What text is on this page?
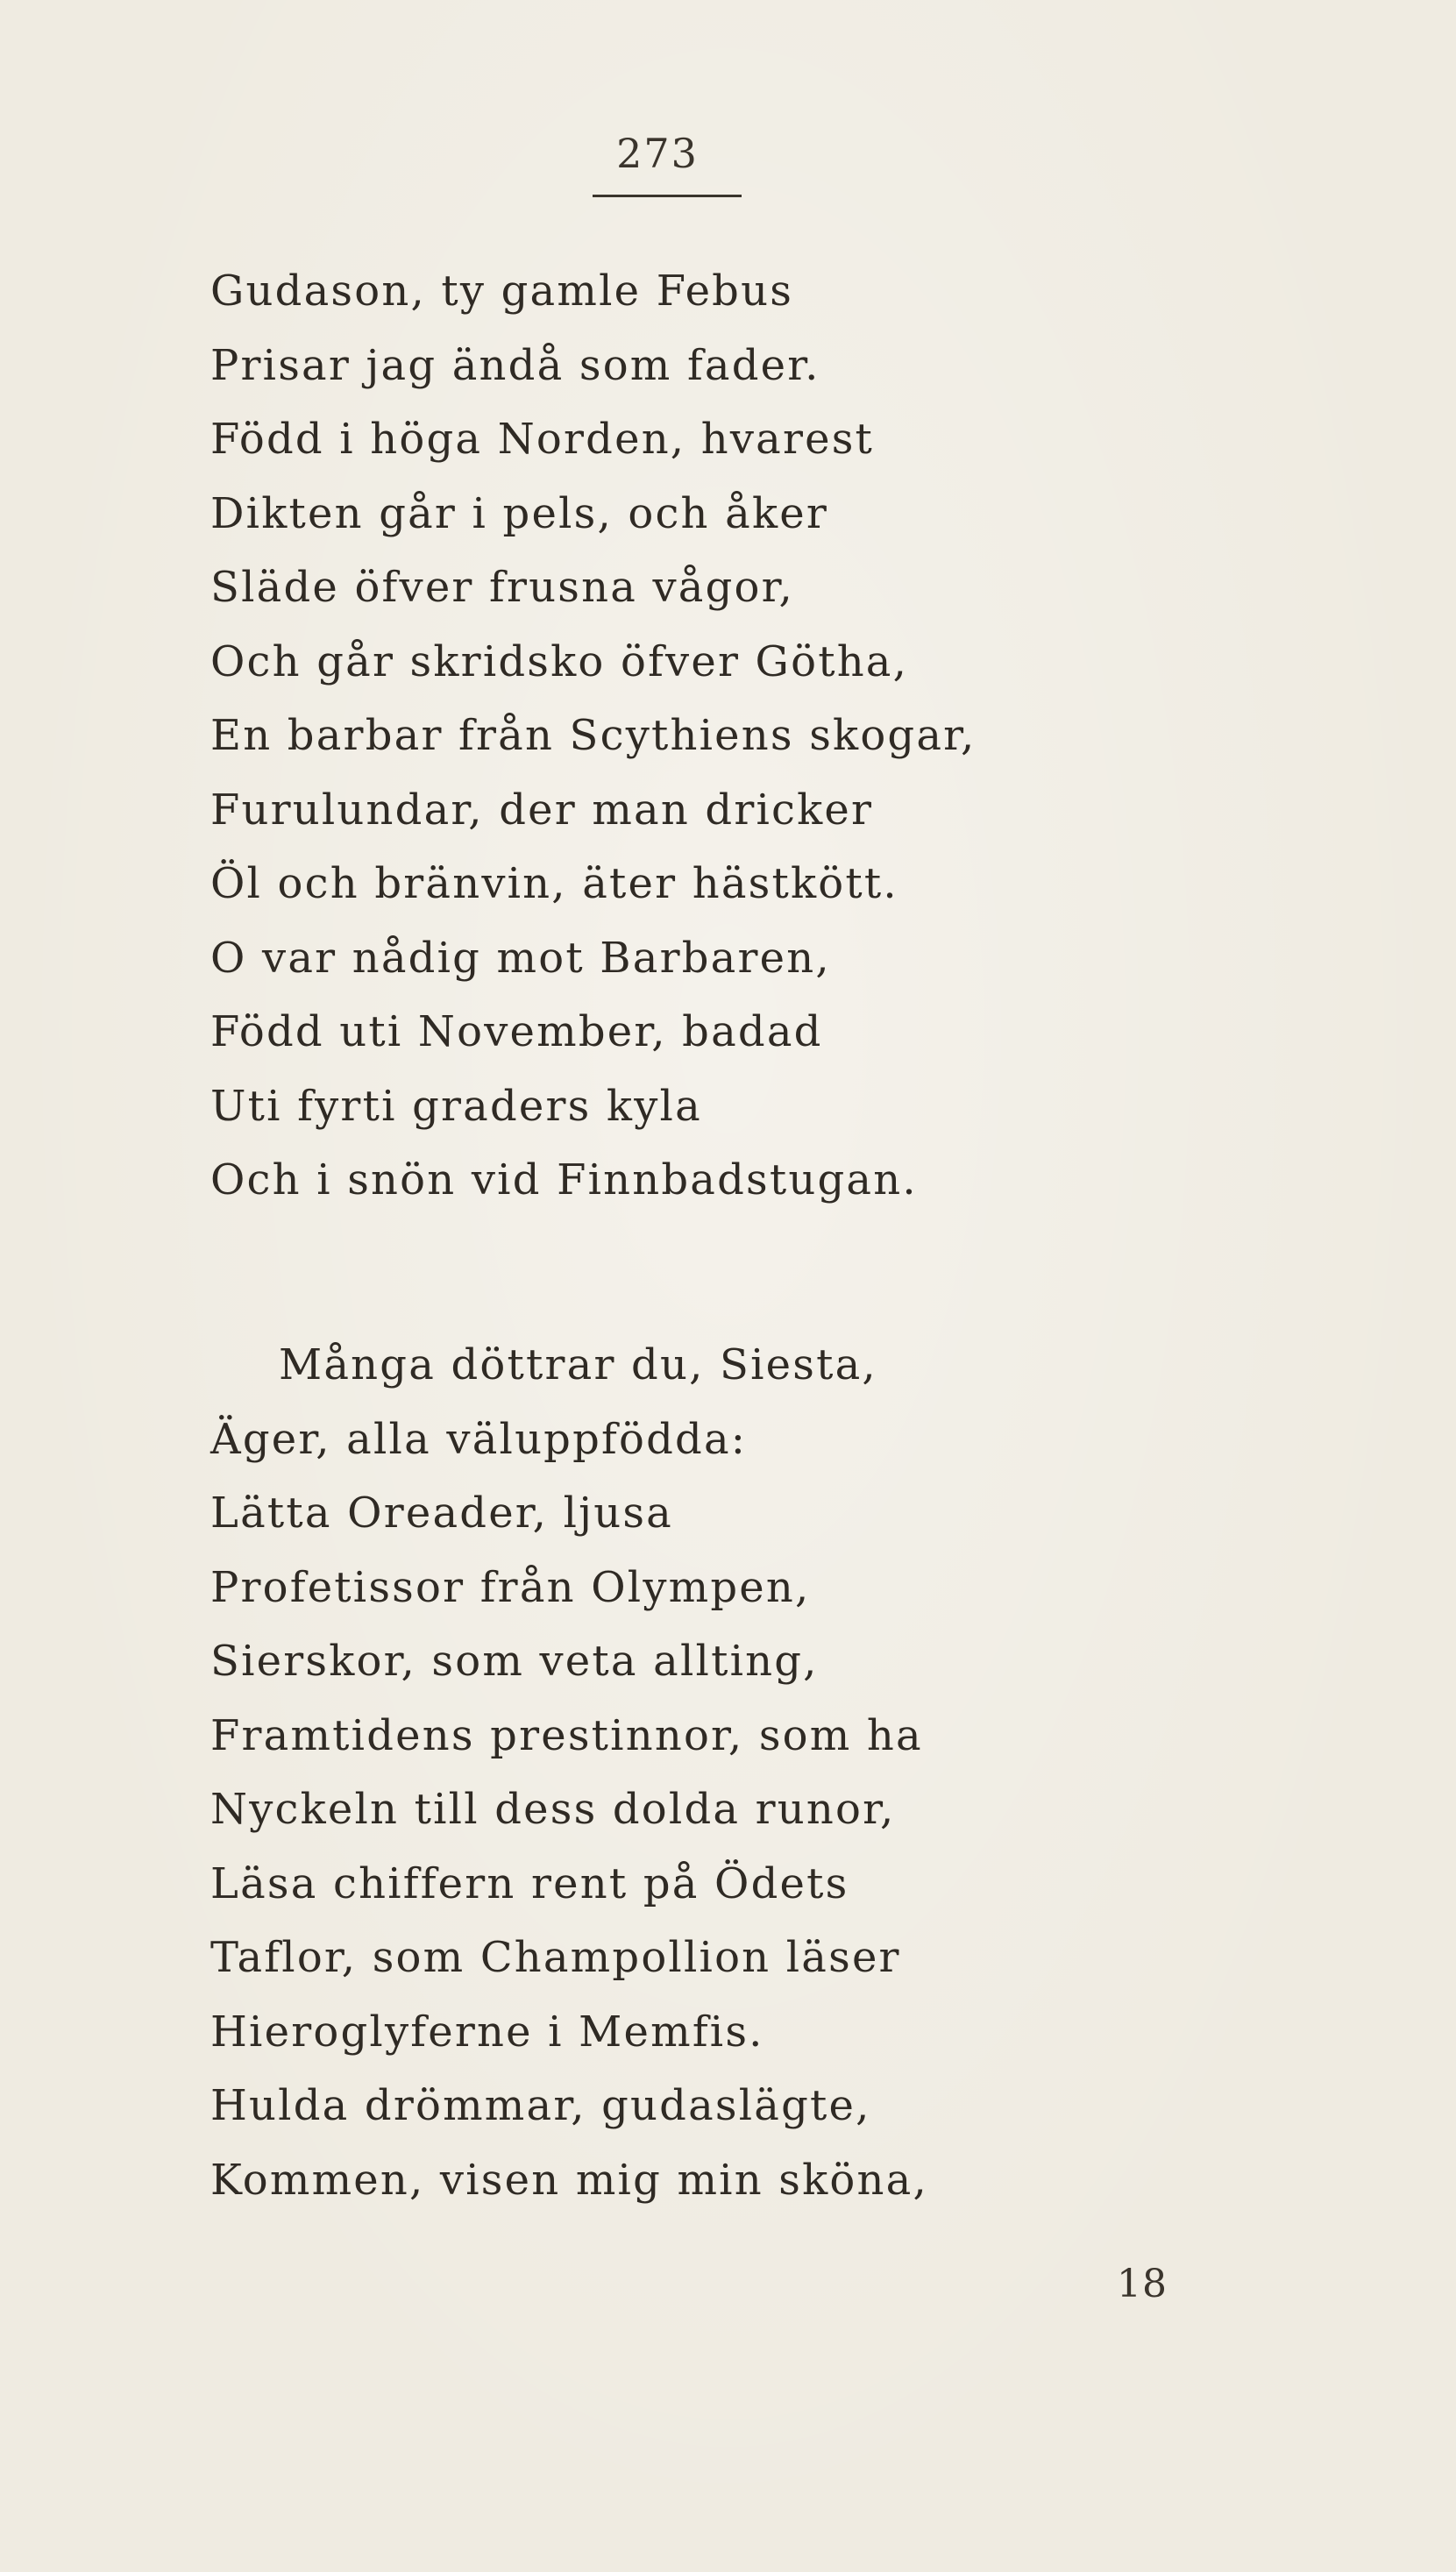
273
Gudason, ty gamle Febus
Prisar jag ändå som fader.
Född i höga Norden, hvarest
Dikten går i pels, och åker
Släde öfver frusna vågor,
Och går skridsko öfver Götha,
En barbar från Scythiens skogar,
Furulundar, der man dricker
Öl och bränvin, äter hästkött.
O var nådig mot Barbaren,
Född uti November, badad
Uti fyrti graders kyla
Och i snön vid Finnbadstugan.
Många döttrar du, Siesta,
Äger, alla väluppfödda:
Lätta Oreader, ljusa
Profetissor från Olympen,
Sierskor, som veta allting,
Framtidens prestinnor, som ha
Nyckeln till dess dolda runor,
Läsa chiffern rent på Ödets
Taflor, som Champollion läser
Hieroglyferne i Memfis.
Hulda drömmar, gudaslägte,
Kommen, visen mig min sköna,
18
